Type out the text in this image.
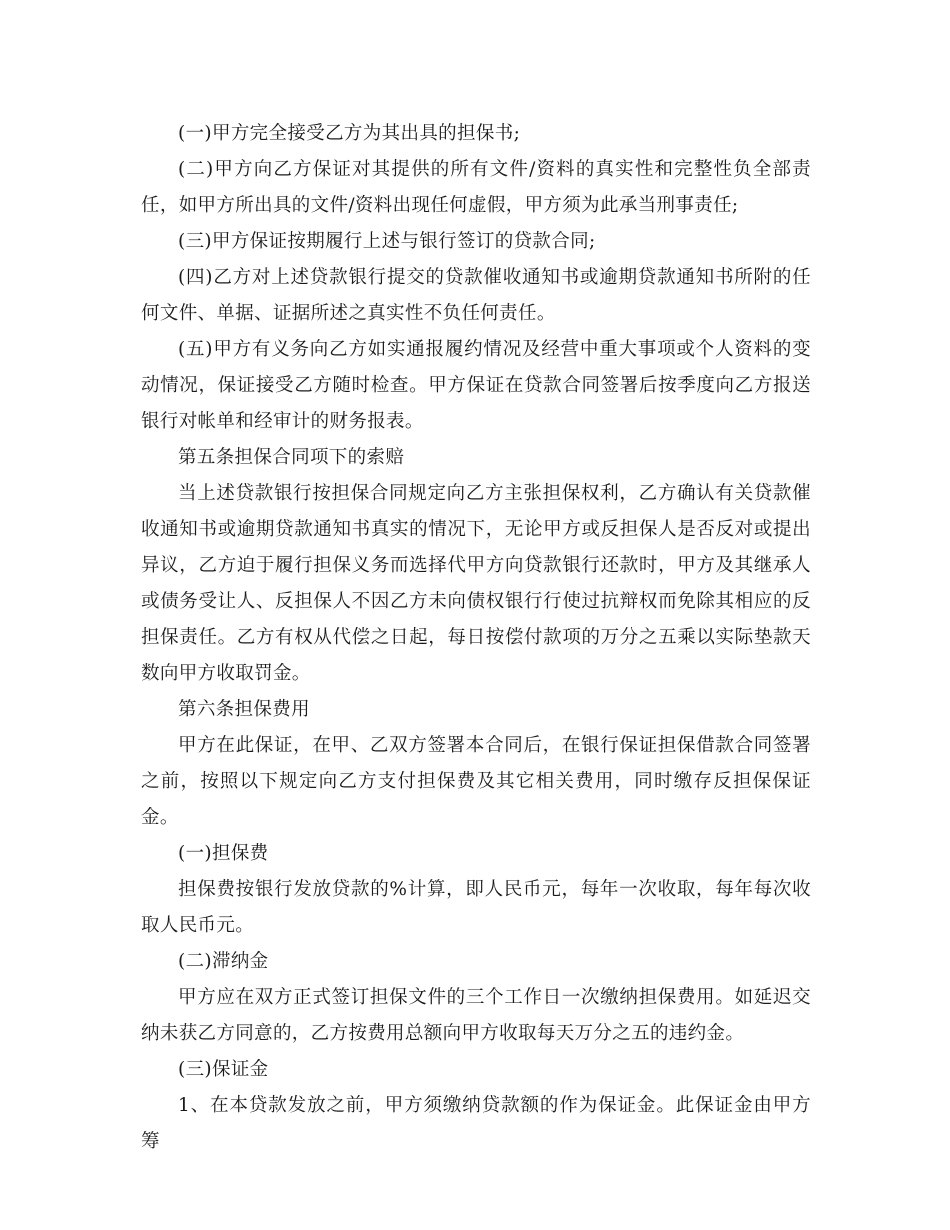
(一)甲方完全接受乙方为其出具的担保书;

(二)甲方向乙方保证对其提供的所有文件/资料的真实性和完整性负全部责任，如甲方所出具的文件/资料出现任何虚假，甲方须为此承当刑事责任;

(三)甲方保证按期履行上述与银行签订的贷款合同;

(四)乙方对上述贷款银行提交的贷款催收通知书或逾期贷款通知书所附的任何文件、单据、证据所述之真实性不负任何责任。

(五)甲方有义务向乙方如实通报履约情况及经营中重大事项或个人资料的变动情况，保证接受乙方随时检查。甲方保证在贷款合同签署后按季度向乙方报送银行对帐单和经审计的财务报表。

第五条担保合同项下的索赔

当上述贷款银行按担保合同规定向乙方主张担保权利，乙方确认有关贷款催收通知书或逾期贷款通知书真实的情况下，无论甲方或反担保人是否反对或提出异议，乙方迫于履行担保义务而选择代甲方向贷款银行还款时，甲方及其继承人或债务受让人、反担保人不因乙方未向债权银行行使过抗辩权而免除其相应的反担保责任。乙方有权从代偿之日起，每日按偿付款项的万分之五乘以实际垫款天数向甲方收取罚金。

第六条担保费用

甲方在此保证，在甲、乙双方签署本合同后，在银行保证担保借款合同签署之前，按照以下规定向乙方支付担保费及其它相关费用，同时缴存反担保保证金。

(一)担保费

担保费按银行发放贷款的%计算，即人民币元，每年一次收取，每年每次收取人民币元。

(二)滞纳金

甲方应在双方正式签订担保文件的三个工作日一次缴纳担保费用。如延迟交纳未获乙方同意的，乙方按费用总额向甲方收取每天万分之五的违约金。

(三)保证金

1、在本贷款发放之前，甲方须缴纳贷款额的作为保证金。此保证金由甲方筹
